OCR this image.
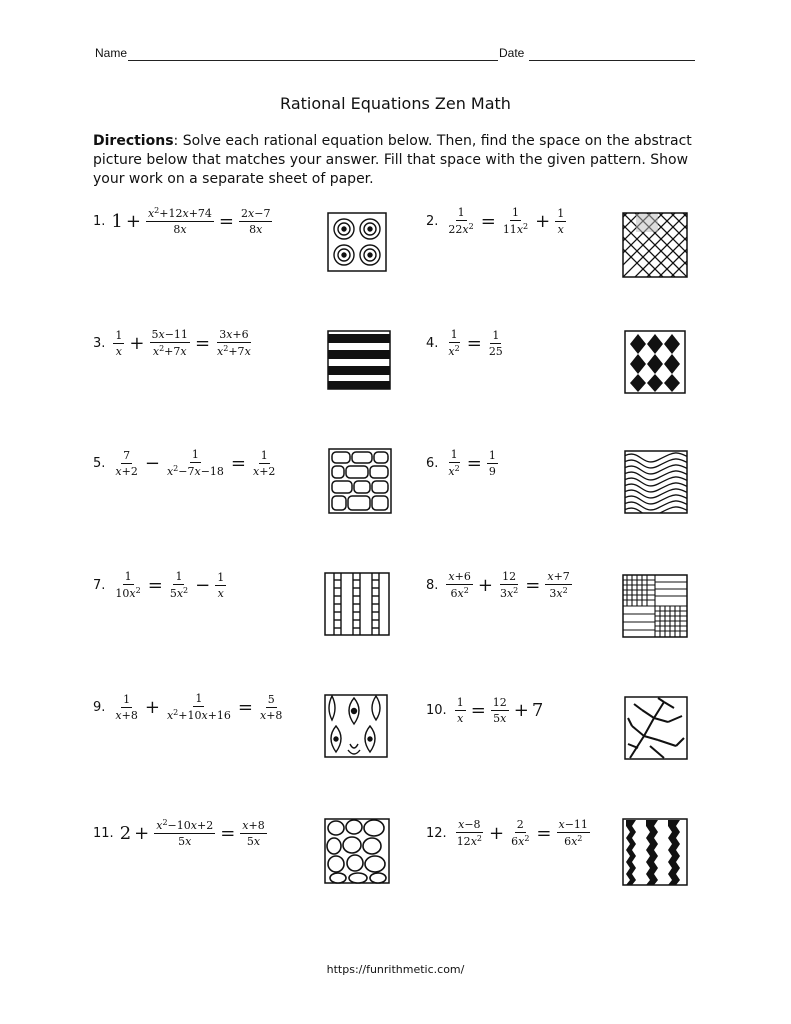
Name	Date
Rational Equations Zen Math
Directions: Solve each rational equation below. Then, find the space on the abstract picture below that matches your answer. Fill that space with the given pattern. Show your work on a separate sheet of paper.
1. $1 + \frac{x^2+12x+74}{8x} = \frac{2x-7}{8x}$	2. $\frac{1}{22x^2} = \frac{1}{11x^2} + \frac{1}{x}$
3. $\frac{1}{x} + \frac{5x-11}{x^2+7x} = \frac{3x+6}{x^2+7x}$	4. $\frac{1}{x^2} = \frac{1}{25}$
5. $\frac{7}{x+2} - \frac{1}{x^2-7x-18} = \frac{1}{x+2}$	6. $\frac{1}{x^2} = \frac{1}{9}$
7. $\frac{1}{10x^2} = \frac{1}{5x^2} - \frac{1}{x}$	8. $\frac{x+6}{6x^2} + \frac{12}{3x^2} = \frac{x+7}{3x^2}$
9. $\frac{1}{x+8} + \frac{1}{x^2+10x+16} = \frac{5}{x+8}$	10. $\frac{1}{x} = \frac{12}{5x} + 7$
11. $2 + \frac{x^2-10x+2}{5x} = \frac{x+8}{5x}$	12. $\frac{x-8}{12x^2} + \frac{2}{6x^2} = \frac{x-11}{6x^2}$
https://funrithmetic.com/
